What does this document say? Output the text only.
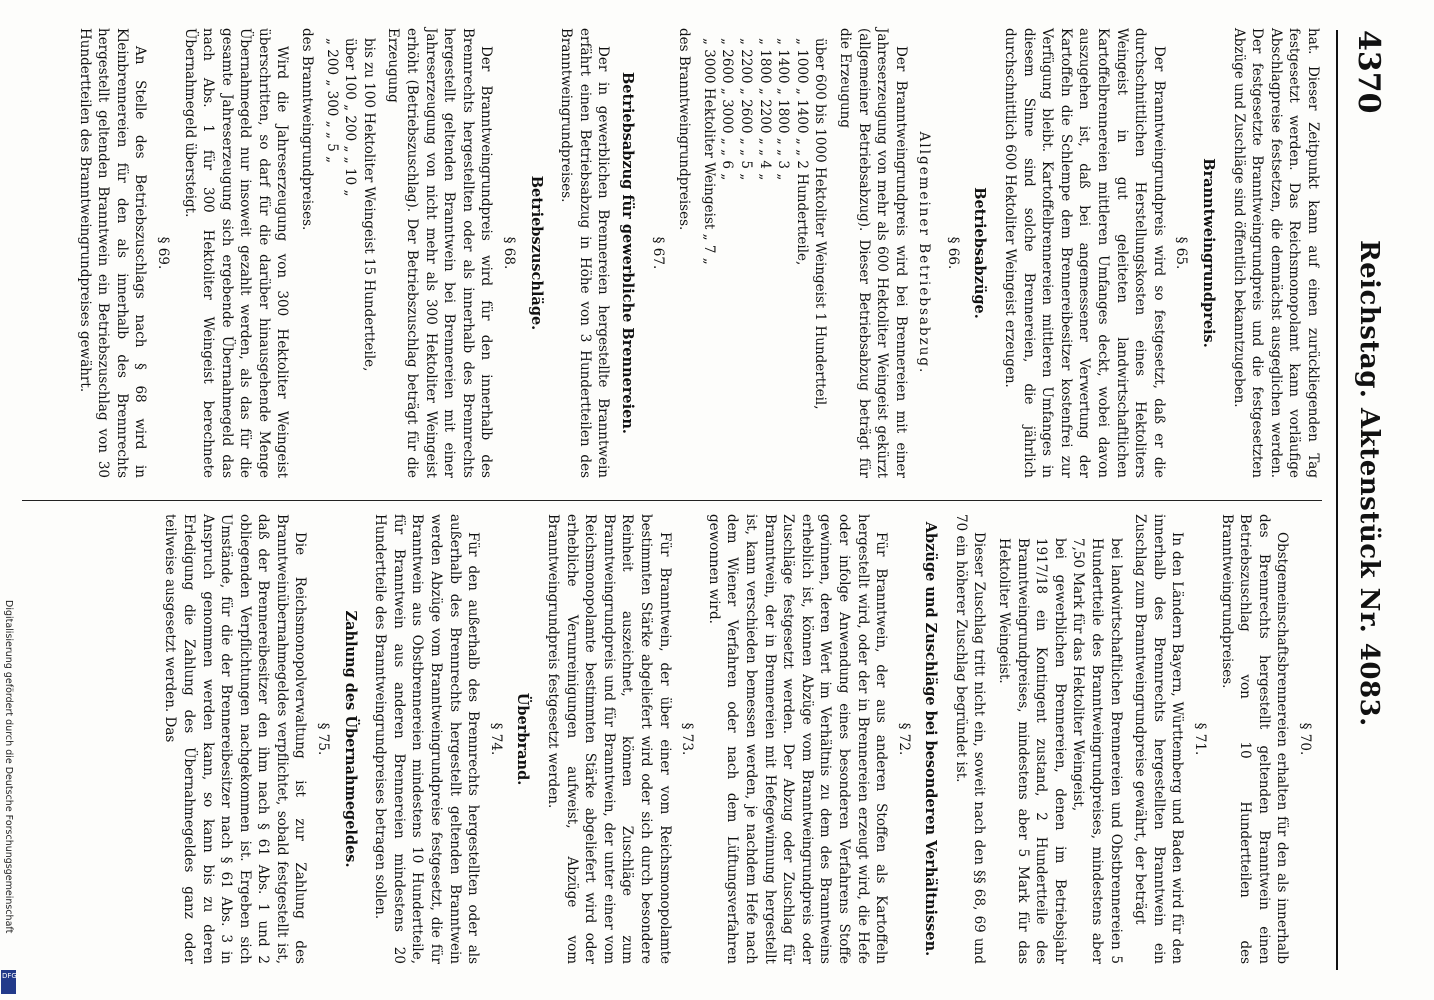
4370
Reichstag. Aktenstück Nr. 4083.

hat. Dieser Zeitpunkt kann auf einen zurückliegenden Tag festgesetzt werden. Das Reichsmonopolamt kann vorläufige Abschlagpreise festsetzen, die demnächst ausgeglichen werden. Der festgesetzte Branntweingrundpreis und die festgesetzten Abzüge und Zuschläge sind öffentlich bekanntzugeben.

Branntweingrundpreis.
§ 65.

Der Branntweingrundpreis wird so festgesetzt, daß er die durchschnittlichen Herstellungskosten eines Hektoliters Weingeist in gut geleiteten landwirtschaftlichen Kartoffelbrennereien mittleren Umfanges deckt, wobei davon auszugehen ist, daß bei angemessener Verwertung der Kartoffeln die Schlempe dem Brennereibesitzer kostenfrei zur Verfügung bleibt. Kartoffelbrennereien mittleren Umfanges in diesem Sinne sind solche Brennereien, die jährlich durchschnittlich 600 Hektoliter Weingeist erzeugen.

Betriebsabzüge.
§ 66.
Allgemeiner Betriebsabzug.

Der Branntweingrundpreis wird bei Brennereien mit einer Jahreserzeugung von mehr als 600 Hektoliter Weingeist gekürzt (allgemeiner Betriebsabzug). Dieser Betriebsabzug beträgt für die Erzeugung

über 600 bis 1000 Hektoliter Weingeist 1 Hundertteil,
„ 1000 „ 1400 „ „ 2 Hundertteile,
„ 1400 „ 1800 „ „ 3 „
„ 1800 „ 2200 „ „ 4 „
„ 2200 „ 2600 „ „ 5 „
„ 2600 „ 3000 „ „ 6 „
„ 3000 Hektoliter Weingeist „ 7 „

des Branntweingrundpreises.

§ 67.
Betriebsabzug für gewerbliche Brennereien.

Der in gewerblichen Brennereien hergestellte Branntwein erfährt einen Betriebsabzug in Höhe von 3 Hundertteilen des Branntweingrundpreises.

Betriebszuschläge.
§ 68.

Der Branntweingrundpreis wird für den innerhalb des Brennrechts hergestellten oder als innerhalb des Brennrechts hergestellt geltenden Branntwein bei Brennereien mit einer Jahreserzeugung von nicht mehr als 300 Hektoliter Weingeist erhöht (Betriebszuschlag). Der Betriebszuschlag beträgt für die Erzeugung

bis zu 100 Hektoliter Weingeist 15 Hundertteile,
über 100 „ 200 „ „ 10 „
„ 200 „ 300 „ „ 5 „

des Branntweingrundpreises.

Wird die Jahreserzeugung von 300 Hektoliter Weingeist überschritten, so darf für die darüber hinausgehende Menge Übernahmegeld nur insoweit gezahlt werden, als das für die gesamte Jahreserzeugung sich ergebende Übernahmegeld das nach Abs. 1 für 300 Hektoliter Weingeist berechnete Übernahmegeld übersteigt.

§ 69.

An Stelle des Betriebszuschlags nach § 68 wird in Kleinbrennereien für den als innerhalb des Brennrechts hergestellt geltenden Branntwein ein Betriebszuschlag von 30 Hundertteilen des Branntweingrundpreises gewährt.

§ 70.

Obstgemeinschaftsbrennereien erhalten für den als innerhalb des Brennrechts hergestellt geltenden Branntwein einen Betriebszuschlag von 10 Hundertteilen des Branntweingrundpreises.

§ 71.

In den Ländern Bayern, Württemberg und Baden wird für den innerhalb des Brennrechts hergestellten Branntwein ein Zuschlag zum Branntweingrundpreise gewährt, der beträgt

bei landwirtschaftlichen Brennereien und Obstbrennereien 5 Hundertteile des Branntweingrundpreises, mindestens aber 7,50 Mark für das Hektoliter Weingeist,
bei gewerblichen Brennereien, denen im Betriebsjahr 1917/18 ein Kontingent zustand, 2 Hundertteile des Branntweingrundpreises, mindestens aber 5 Mark für das Hektoliter Weingeist.

Dieser Zuschlag tritt nicht ein, soweit nach den §§ 68, 69 und 70 ein höherer Zuschlag begründet ist.

Abzüge und Zuschläge bei besonderen Verhältnissen.
§ 72.

Für Branntwein, der aus anderen Stoffen als Kartoffeln hergestellt wird, oder der in Brennereien erzeugt wird, die Hefe oder infolge Anwendung eines besonderen Verfahrens Stoffe gewinnen, deren Wert im Verhältnis zu dem des Branntweins erheblich ist, können Abzüge vom Branntweingrundpreis oder Zuschläge festgesetzt werden. Der Abzug oder Zuschlag für Branntwein, der in Brennereien mit Hefegewinnung hergestellt ist, kann verschieden bemessen werden, je nachdem Hefe nach dem Wiener Verfahren oder nach dem Lüftungsverfahren gewonnen wird.

§ 73.

Für Branntwein, der über einer vom Reichsmonopolamte bestimmten Stärke abgeliefert wird oder sich durch besondere Reinheit auszeichnet, können Zuschläge zum Branntweingrundpreis und für Branntwein, der unter einer vom Reichsmonopolamte bestimmten Stärke abgeliefert wird oder erhebliche Verunreinigungen aufweist, Abzüge vom Branntweingrundpreis festgesetzt werden.

Überbrand.
§ 74.

Für den außerhalb des Brennrechts hergestellten oder als außerhalb des Brennrechts hergestellt geltenden Branntwein werden Abzüge vom Branntweingrundpreise festgesetzt, die für Branntwein aus Obstbrennereien mindestens 10 Hundertteile, für Branntwein aus anderen Brennereien mindestens 20 Hundertteile des Branntweingrundpreises betragen sollen.

Zahlung des Übernahmegeldes.
§ 75.

Die Reichsmonopolverwaltung ist zur Zahlung des Branntweinübernahmegeldes verpflichtet, sobald festgestellt ist, daß der Brennereibesitzer den ihm nach § 61 Abs. 1 und 2 obliegenden Verpflichtungen nachgekommen ist. Ergeben sich Umstände, für die der Brennereibesitzer nach § 61 Abs. 3 in Anspruch genommen werden kann, so kann bis zu deren Erledigung die Zahlung des Übernahmegeldes ganz oder teilweise ausgesetzt werden. Das

Digitalisierung gefördert durch die Deutsche Forschungsgemeinschaft
DFG
